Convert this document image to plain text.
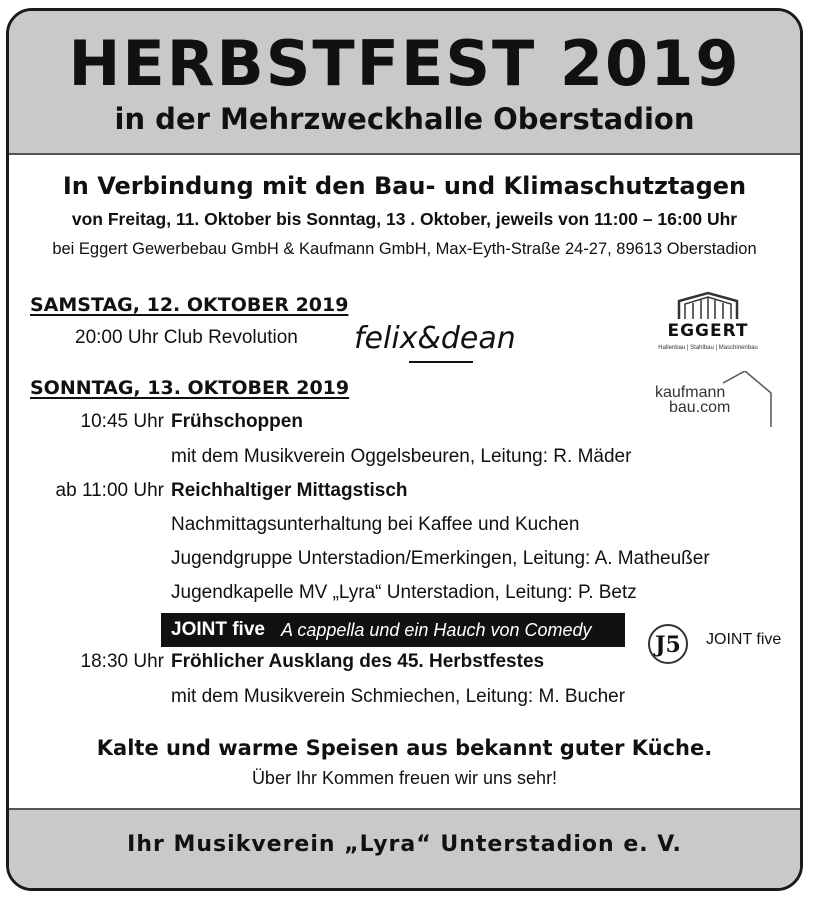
HERBSTFEST 2019
in der Mehrzweckhalle Oberstadion
In Verbindung mit den Bau- und Klimaschutztagen
von Freitag, 11. Oktober bis Sonntag, 13 . Oktober, jeweils von 11:00 – 16:00 Uhr
bei Eggert Gewerbebau GmbH & Kaufmann GmbH, Max-Eyth-Straße 24-27, 89613 Oberstadion
SAMSTAG, 12. OKTOBER 2019
20:00 Uhr Club Revolution felix&dean	EGGERT
Hallenbau | Stahlbau | Maschinenbau
SONNTAG, 13. OKTOBER 2019	kaufmann
bau.com
10:45 Uhr Frühschoppen
mit dem Musikverein Oggelsbeuren, Leitung: R. Mäder
ab 11:00 Uhr Reichhaltiger Mittagstisch
Nachmittagsunterhaltung bei Kaffee und Kuchen
Jugendgruppe Unterstadion/Emerkingen, Leitung: A. Matheußer
Jugendkapelle MV „Lyra“ Unterstadion, Leitung: P. Betz
JOINT five A cappella und ein Hauch von Comedy
J5 JOINT five
18:30 Uhr Fröhlicher Ausklang des 45. Herbstfestes
mit dem Musikverein Schmiechen, Leitung: M. Bucher
Kalte und warme Speisen aus bekannt guter Küche.
Über Ihr Kommen freuen wir uns sehr!
Ihr Musikverein „Lyra“ Unterstadion e. V.
